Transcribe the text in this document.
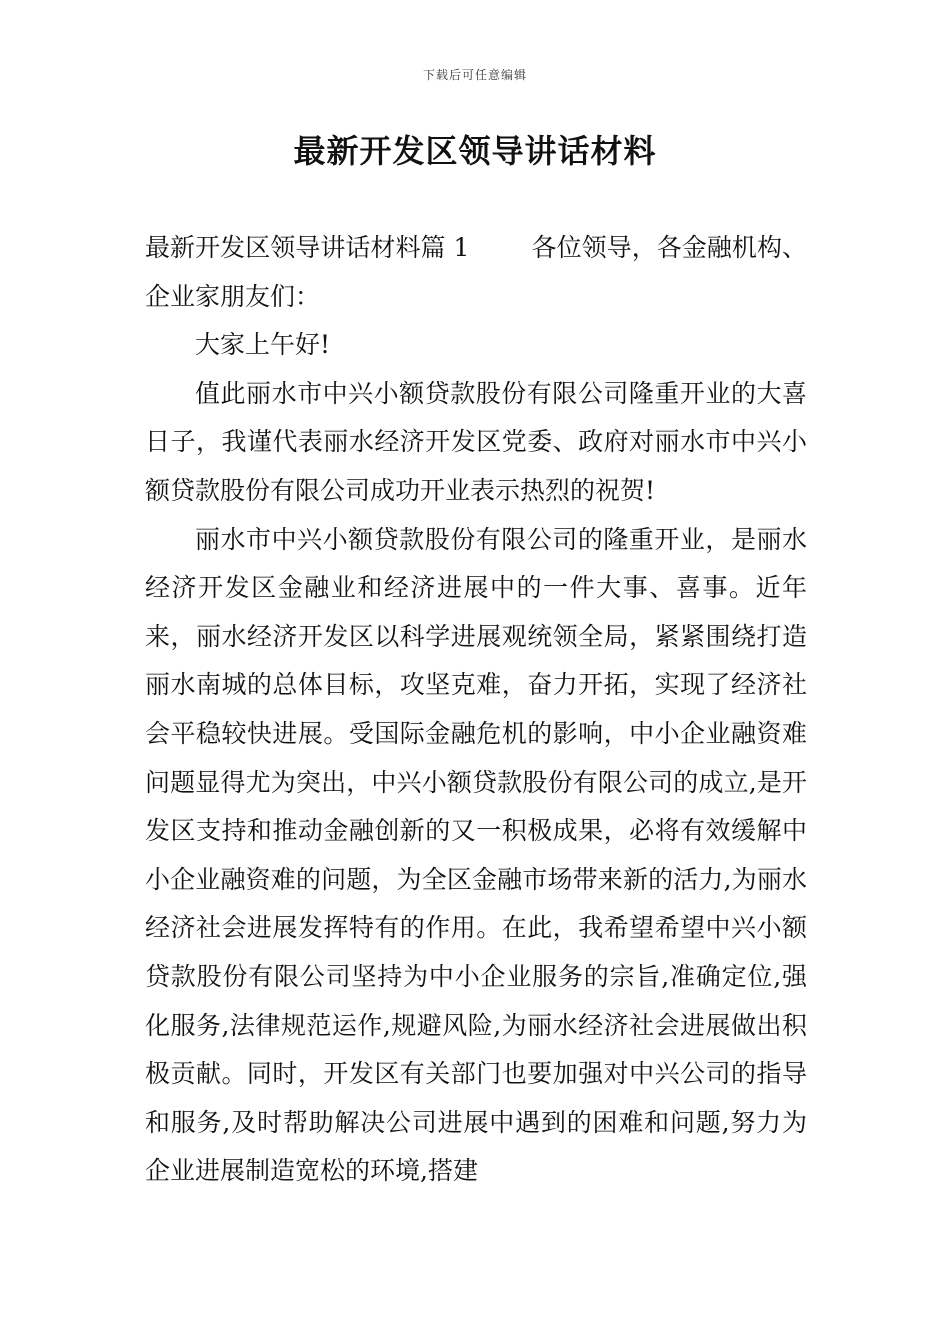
下载后可任意编辑
最新开发区领导讲话材料

最新开发区领导讲话材料篇 1 各位领导，各金融机构、企业家朋友们：

大家上午好!

值此丽水市中兴小额贷款股份有限公司隆重开业的大喜日子，我谨代表丽水经济开发区党委、政府对丽水市中兴小额贷款股份有限公司成功开业表示热烈的祝贺!

丽水市中兴小额贷款股份有限公司的隆重开业，是丽水经济开发区金融业和经济进展中的一件大事、喜事。近年来，丽水经济开发区以科学进展观统领全局，紧紧围绕打造丽水南城的总体目标，攻坚克难，奋力开拓，实现了经济社会平稳较快进展。受国际金融危机的影响，中小企业融资难问题显得尤为突出，中兴小额贷款股份有限公司的成立,是开发区支持和推动金融创新的又一积极成果，必将有效缓解中小企业融资难的问题，为全区金融市场带来新的活力,为丽水经济社会进展发挥特有的作用。在此，我希望希望中兴小额贷款股份有限公司坚持为中小企业服务的宗旨,准确定位,强化服务,法律规范运作,规避风险,为丽水经济社会进展做出积极贡献。同时，开发区有关部门也要加强对中兴公司的指导和服务,及时帮助解决公司进展中遇到的困难和问题,努力为企业进展制造宽松的环境,搭建
